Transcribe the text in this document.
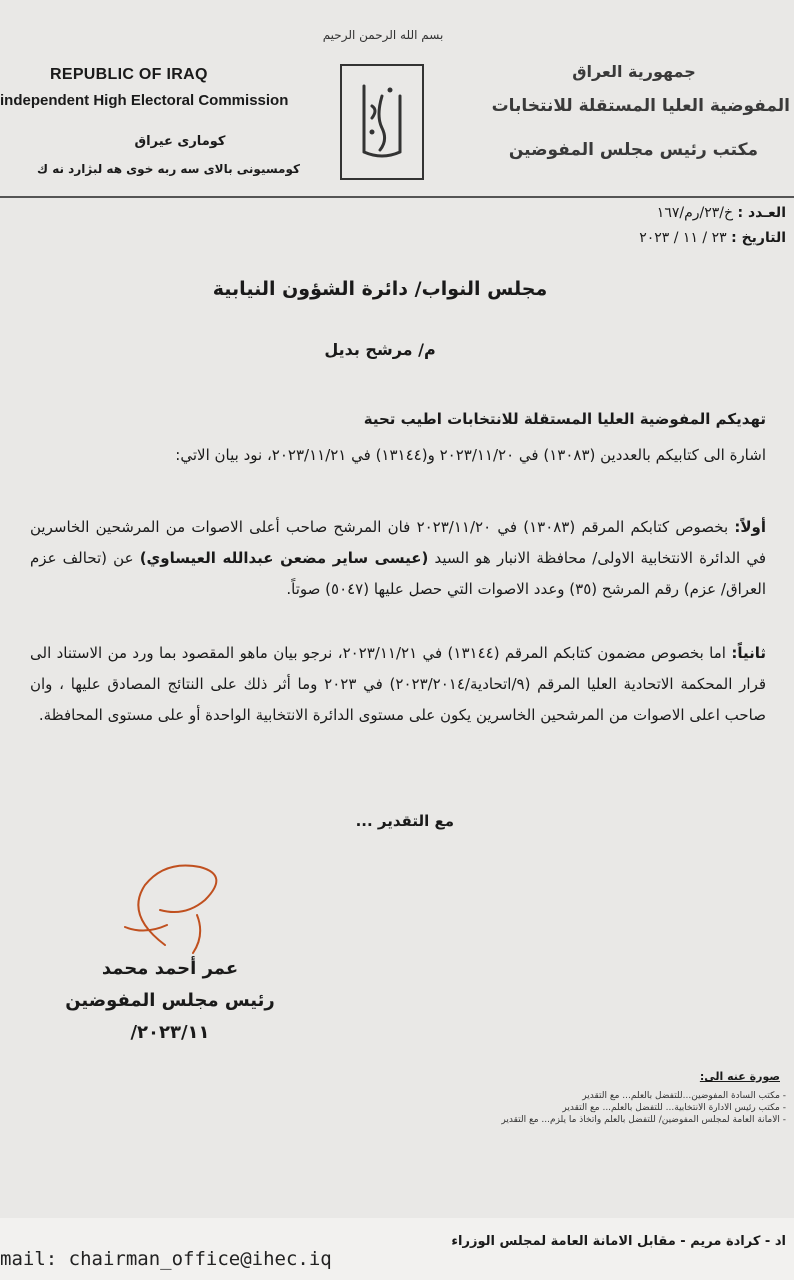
بسم الله الرحمن الرحيم
REPUBLIC OF IRAQ
independent High Electoral Commission
كوماری عیراق
كومسيونى بالای سه ربه خوى هه لبژارد نه ك
جمهورية العراق
المفوضية العليا المستقلة للانتخابات
مكتب رئيس مجلس المفوضين
العـدد : خ/٢٣/رم/١٦٧
التاريخ : ٢٣ / ١١ / ٢٠٢٣
مجلس النواب/ دائرة الشؤون النيابية
م/ مرشح بديل
تهديكم المفوضية العليا المستقلة للانتخابات اطيب تحية
اشارة الى كتابيكم بالعددين (١٣٠٨٣) في ٢٠٢٣/١١/٢٠ و(١٣١٤٤) في ٢٠٢٣/١١/٢١، نود بيان الاتي:
أولاً: بخصوص كتابكم المرقم (١٣٠٨٣) في ٢٠٢٣/١١/٢٠ فان المرشح صاحب أعلى الاصوات من المرشحين الخاسرين في الدائرة الانتخابية الاولى/ محافظة الانبار هو السيد (عيسى ساير مضعن عبدالله العيساوي) عن (تحالف عزم العراق/ عزم) رقم المرشح (٣٥) وعدد الاصوات التي حصل عليها (٥٠٤٧) صوتاً.
ثانياً: اما بخصوص مضمون كتابكم المرقم (١٣١٤٤) في ٢٠٢٣/١١/٢١، نرجو بيان ماهو المقصود بما ورد من الاستناد الى قرار المحكمة الاتحادية العليا المرقم (٩/اتحادية/٢٠٢٣/٢٠١٤) في ٢٠٢٣ وما أثر ذلك على النتائج المصادق عليها ، وان صاحب اعلى الاصوات من المرشحين الخاسرين يكون على مستوى الدائرة الانتخابية الواحدة أو على مستوى المحافظة.
مع التقدير ...
عمر أحمد محمد
رئيس مجلس المفوضين
٢٠٢٣/١١/
صورة عنه الى:
- مكتب السادة المفوضين...للتفضل بالعلم... مع التقدير
- مكتب رئيس الادارة الانتخابية... للتفضل بالعلم... مع التقدير
- الامانة العامة لمجلس المفوضين/ للتفضل بالعلم واتخاذ ما يلزم... مع التقدير
اد - كرادة مريم - مقابل الامانة العامة لمجلس الوزراء
mail: chairman_office@ihec.iq
